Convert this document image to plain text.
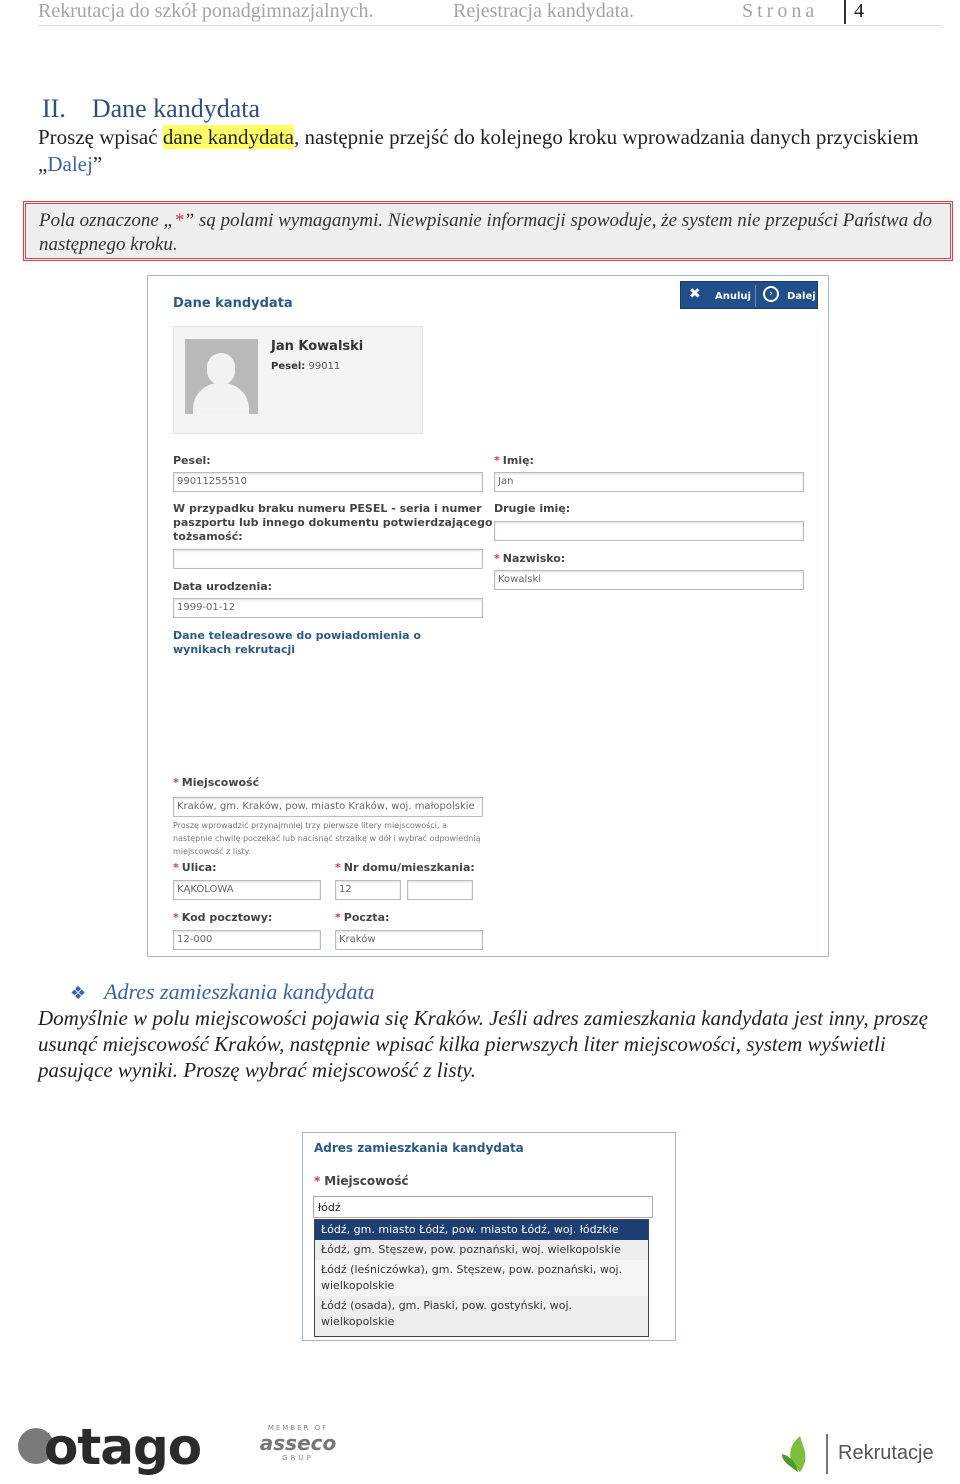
Rekrutacja do szkół ponadgimnazjalnych.	Rejestracja kandydata.	Strona	4
II. Dane kandydata
Proszę wpisać dane kandydata, następnie przejść do kolejnego kroku wprowadzania danych przyciskiem „Dalej”
Pola oznaczone „*” są polami wymaganymi. Niewpisanie informacji spowoduje, że system nie przepuści Państwa do następnego kroku.
Dane kandydata
✖ Anuluj	›	Dalej
Jan Kowalski
Pesel: 99011
Pesel:
99011255510
W przypadku braku numeru PESEL - seria i numer paszportu lub innego dokumentu potwierdzającego tożsamość:
Data urodzenia:
1999-01-12
Dane teleadresowe do powiadomienia o wynikach rekrutacji
* Imię:
Jan
Drugie imię:
* Nazwisko:
Kowalski
* Miejscowość
Kraków, gm. Kraków, pow. miasto Kraków, woj. małopolskie
Proszę wprowadzić przynajmniej trzy pierwsze litery miejscowości, a następnie chwilę poczekać lub nacisnąć strzałkę w dół i wybrać odpowiednią miejscowość z listy.
* Ulica:
KĄKOLOWA
* Nr domu/mieszkania:
12
* Kod pocztowy:
12-000
* Poczta:
Kraków
❖ Adres zamieszkania kandydata
Domyślnie w polu miejscowości pojawia się Kraków. Jeśli adres zamieszkania kandydata jest inny, proszę usunąć miejscowość Kraków, następnie wpisać kilka pierwszych liter miejscowości, system wyświetli pasujące wyniki. Proszę wybrać miejscowość z listy.
Adres zamieszkania kandydata
* Miejscowość
łódź
Łódź, gm. miasto Łódź, pow. miasto Łódź, woj. łódzkie
Łódź, gm. Stęszew, pow. poznański, woj. wielkopolskie
Łódź (leśniczówka), gm. Stęszew, pow. poznański, woj. wielkopolskie
Łódź (osada), gm. Piaski, pow. gostyński, woj. wielkopolskie
otago	MEMBER OF
asseco
GRUP	Rekrutacje
